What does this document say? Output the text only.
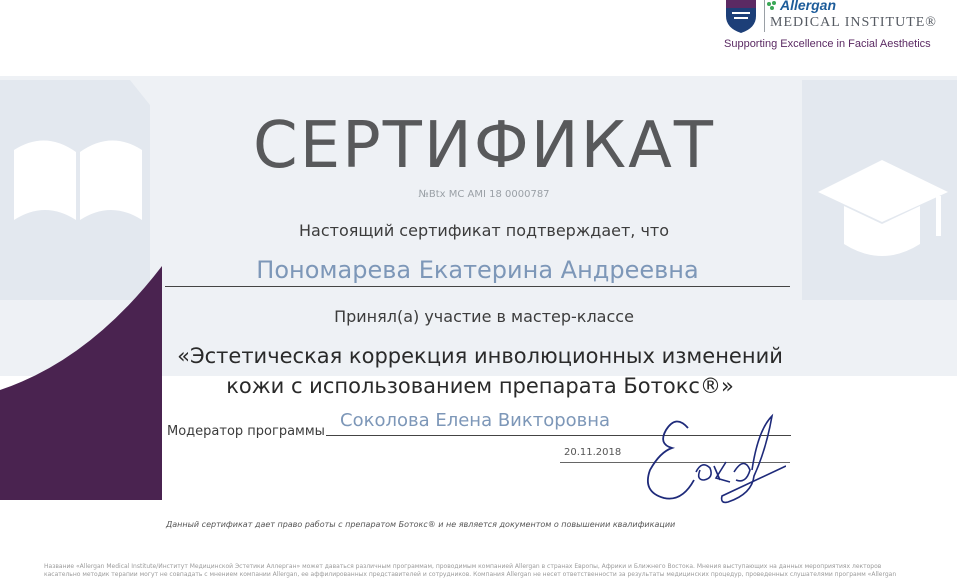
Allergan
MEDICAL INSTITUTE®
Supporting Excellence in Facial Aesthetics
СЕРТИФИКАТ
№Btx MC AMI 18 0000787
Настоящий сертификат подтверждает, что
Пономарева Екатерина Андреевна
Принял(а) участие в мастер-классе
«Эстетическая коррекция инволюционных изменений
кожи с использованием препарата Ботокс®»
Модератор программы
Соколова Елена Викторовна
20.11.2018
Данный сертификат дает право работы с препаратом Ботокс® и не является документом о повышении квалификации
Название «Allergan Medical Institute/Институт Медицинской Эстетики Аллерган» может даваться различным программам, проводимым компанией Allergan в странах Европы, Африки и Ближнего Востока. Мнения выступающих на данных мероприятиях лекторов
касательно методик терапии могут не совпадать с мнением компании Allergan, ее аффилированных представителей и сотрудников. Компания Allergan не несет ответственности за результаты медицинских процедур, проведенных слушателями программ «Allergan
